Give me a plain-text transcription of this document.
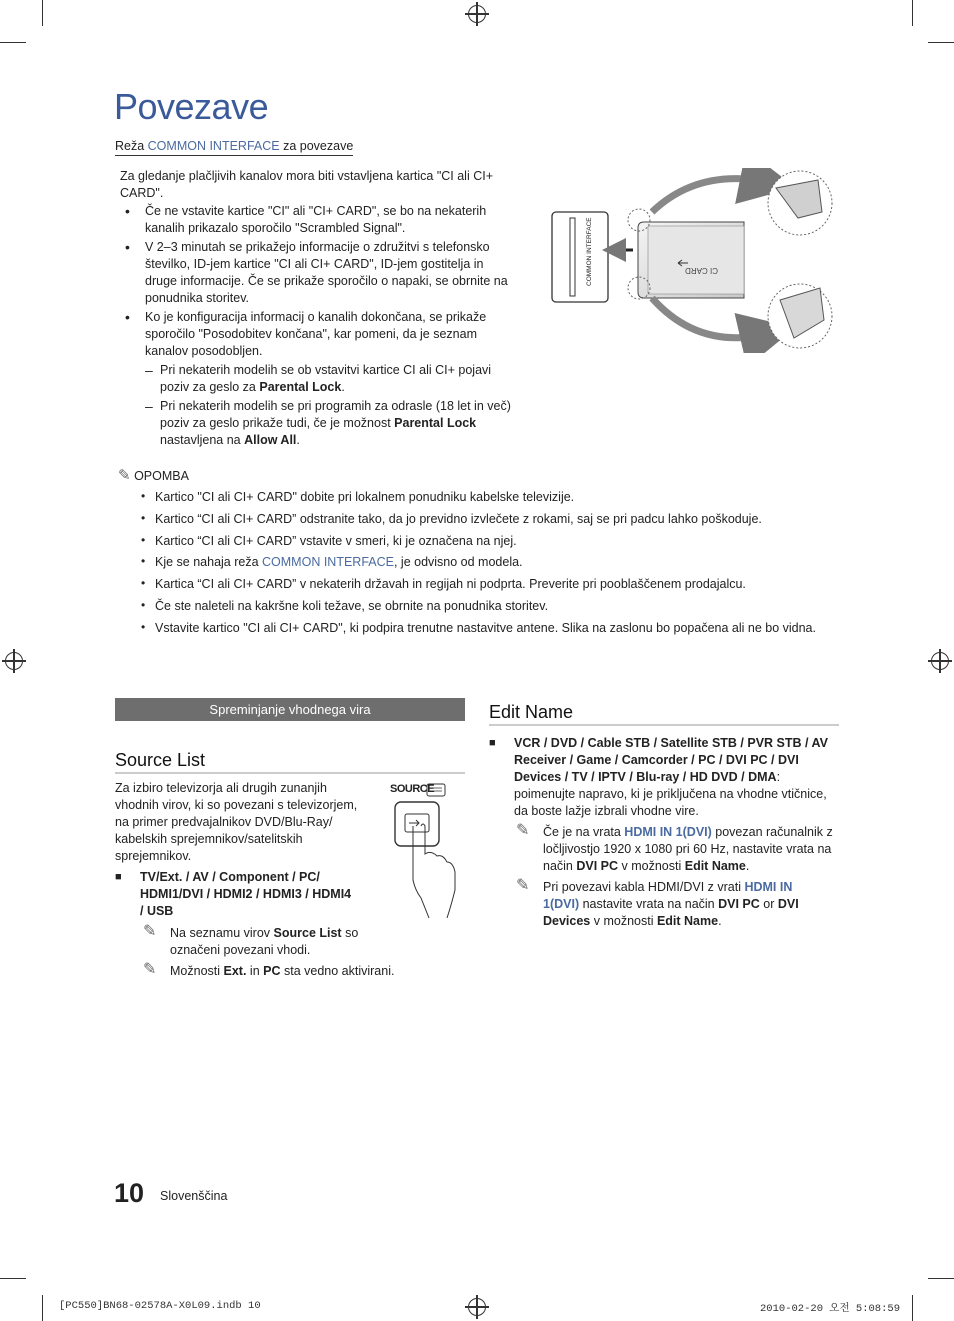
Povezave
Reža COMMON INTERFACE za povezave
Za gledanje plačljivih kanalov mora biti vstavljena kartica "CI ali CI+ CARD".
• Če ne vstavite kartice "CI" ali "CI+ CARD", se bo na nekaterih kanalih prikazalo sporočilo "Scrambled Signal".
• V 2–3 minutah se prikažejo informacije o združitvi s telefonsko številko, ID-jem kartice "CI ali CI+ CARD", ID-jem gostitelja in druge informacije. Če se prikaže sporočilo o napaki, se obrnite na ponudnika storitev.
• Ko je konfiguracija informacij o kanalih dokončana, se prikaže sporočilo "Posodobitev končana", kar pomeni, da je seznam kanalov posodobljen.
– Pri nekaterih modelih se ob vstavitvi kartice CI ali CI+ pojavi poziv za geslo za Parental Lock.
– Pri nekaterih modelih se pri programih za odrasle (18 let in več) poziv za geslo prikaže tudi, če je možnost Parental Lock nastavljena na Allow All.
COMMON INTERFACE	CI CARD
✎ OPOMBA
• Kartico "CI ali CI+ CARD" dobite pri lokalnem ponudniku kabelske televizije.
• Kartico “CI ali CI+ CARD” odstranite tako, da jo previdno izvlečete z rokami, saj se pri padcu lahko poškoduje.
• Kartico “CI ali CI+ CARD” vstavite v smeri, ki je označena na njej.
• Kje se nahaja reža COMMON INTERFACE, je odvisno od modela.
• Kartica “CI ali CI+ CARD” v nekaterih državah in regijah ni podprta. Preverite pri pooblaščenem prodajalcu.
• Če ste naleteli na kakršne koli težave, se obrnite na ponudnika storitev.
• Vstavite kartico "CI ali CI+ CARD", ki podpira trenutne nastavitve antene. Slika na zaslonu bo popačena ali ne bo vidna.
Spreminjanje vhodnega vira
Source List
Za izbiro televizorja ali drugih zunanjih vhodnih virov, ki so povezani s televizorjem, na primer predvajalnikov DVD/Blu-Ray/ kabelskih sprejemnikov/satelitskih sprejemnikov.
■ TV/Ext. / AV / Component / PC/ HDMI1/DVI / HDMI2 / HDMI3 / HDMI4 / USB
✎ Na seznamu virov Source List so označeni povezani vhodi.
✎ Možnosti Ext. in PC sta vedno aktivirani.
SOURCE
Edit Name
■ VCR / DVD / Cable STB / Satellite STB / PVR STB / AV Receiver / Game / Camcorder / PC / DVI PC / DVI Devices / TV / IPTV / Blu-ray / HD DVD / DMA: poimenujte napravo, ki je priključena na vhodne vtičnice, da boste lažje izbrali vhodne vire.
✎ Če je na vrata HDMI IN 1(DVI) povezan računalnik z ločljivostjo 1920 x 1080 pri 60 Hz, nastavite vrata na način DVI PC v možnosti Edit Name.
✎ Pri povezavi kabla HDMI/DVI z vrati HDMI IN 1(DVI) nastavite vrata na način DVI PC or DVI Devices v možnosti Edit Name.
10 Slovenščina
[PC550]BN68-02578A-X0L09.indb 10	2010-02-20 오전 5:08:59
